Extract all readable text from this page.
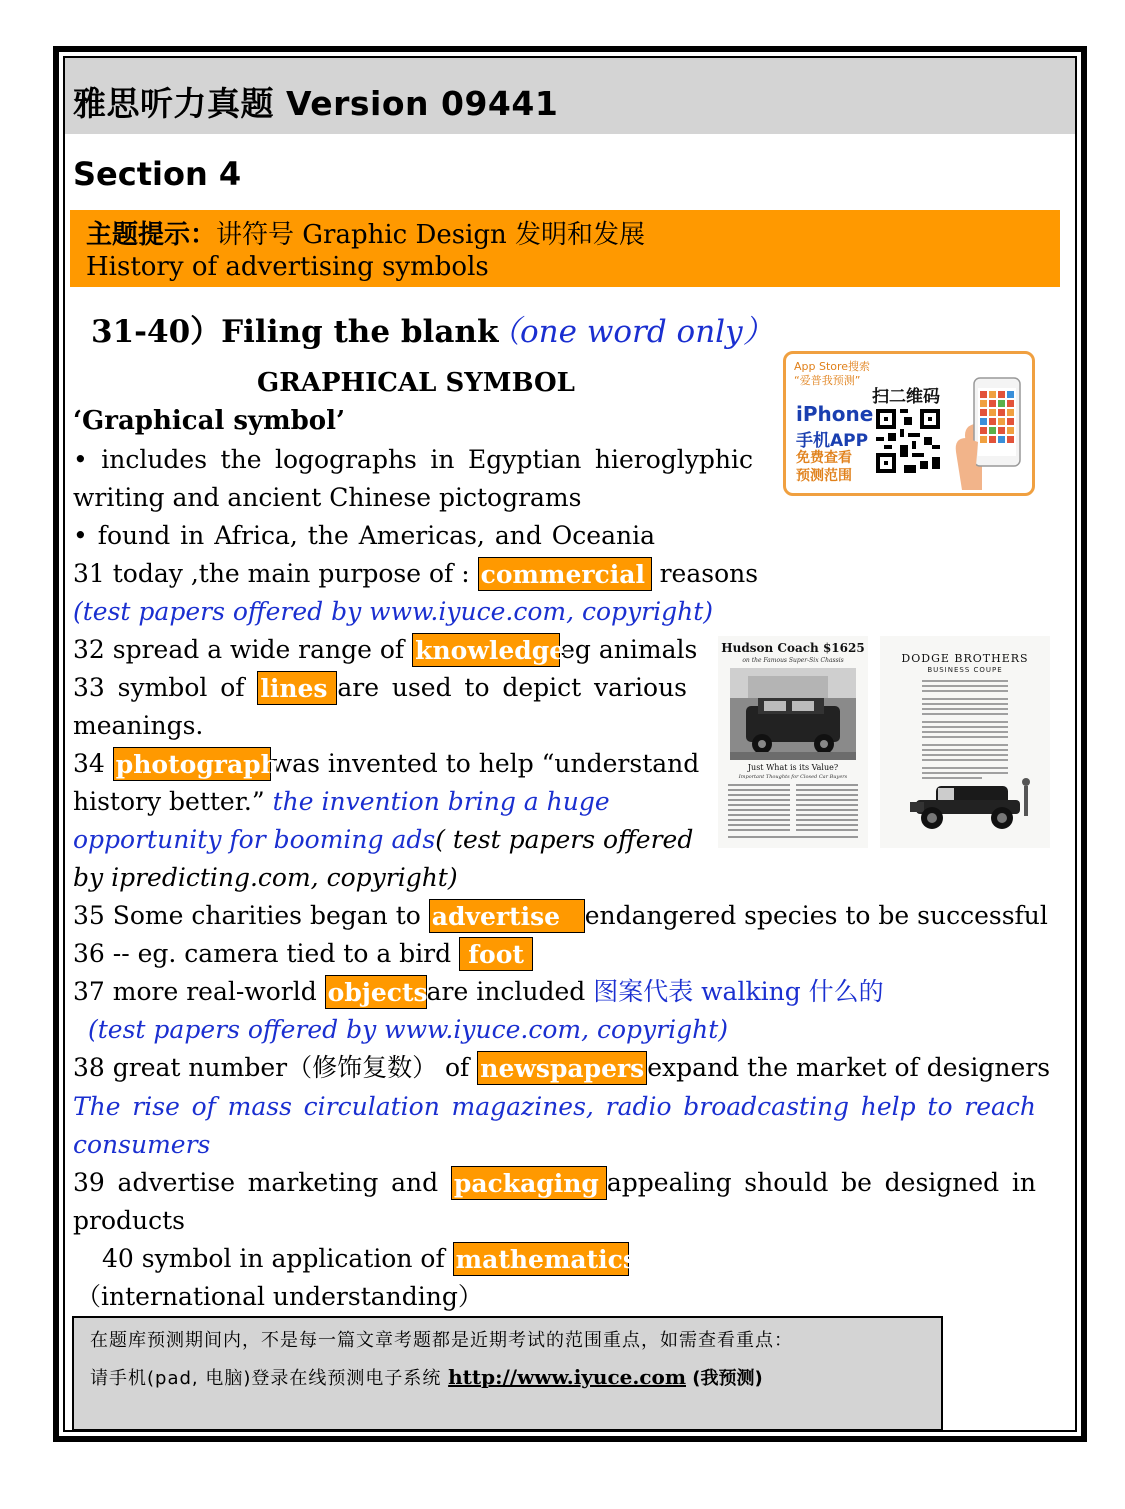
雅思听力真题 Version 09441
Section 4
主题提示：讲符号 Graphic Design 发明和发展
History of advertising symbols
31-40）Filing the blank
（one word only）
GRAPHICAL SYMBOL
‘Graphical symbol’
App Store搜索
“爱普我预测”
扫二维码
iPhone
手机APP
免费查看
预测范围
• includes the logographs in Egyptian hieroglyphic
writing and ancient Chinese pictograms
• found in Africa, the Americas, and Oceania
31 today ,the main purpose of : commercial reasons
(test papers offered by www.iyuce.com, copyright)
32 spread a wide range of knowledgeeg animals
33 symbol of lines are used to depict various
meanings.
34 photographwas invented to help “understand
history better.” the invention bring a huge
opportunity for booming ads( test papers offered
by ipredicting.com, copyright)
Hudson Coach $1625
on the Famous Super-Six Chassis
Just What is its Value?
Important Thoughts for Closed Car Buyers
DODGE BROTHERS
BUSINESS COUPE
35 Some charities began to advertise endangered species to be successful
36 -- eg. camera tied to a bird foot
37 more real-world objectsare included 图案代表 walking 什么的
(test papers offered by www.iyuce.com, copyright)
38 great number（修饰复数） of newspapers expand the market of designers
The rise of mass circulation magazines, radio broadcasting help to reach
consumers
39 advertise marketing and packaging appealing should be designed in
products
40 symbol in application of mathematics
（international understanding）
在题库预测期间内，不是每一篇文章考题都是近期考试的范围重点，如需查看重点：
请手机(pad, 电脑)登录在线预测电子系统 http://www.iyuce.com (我预测)
